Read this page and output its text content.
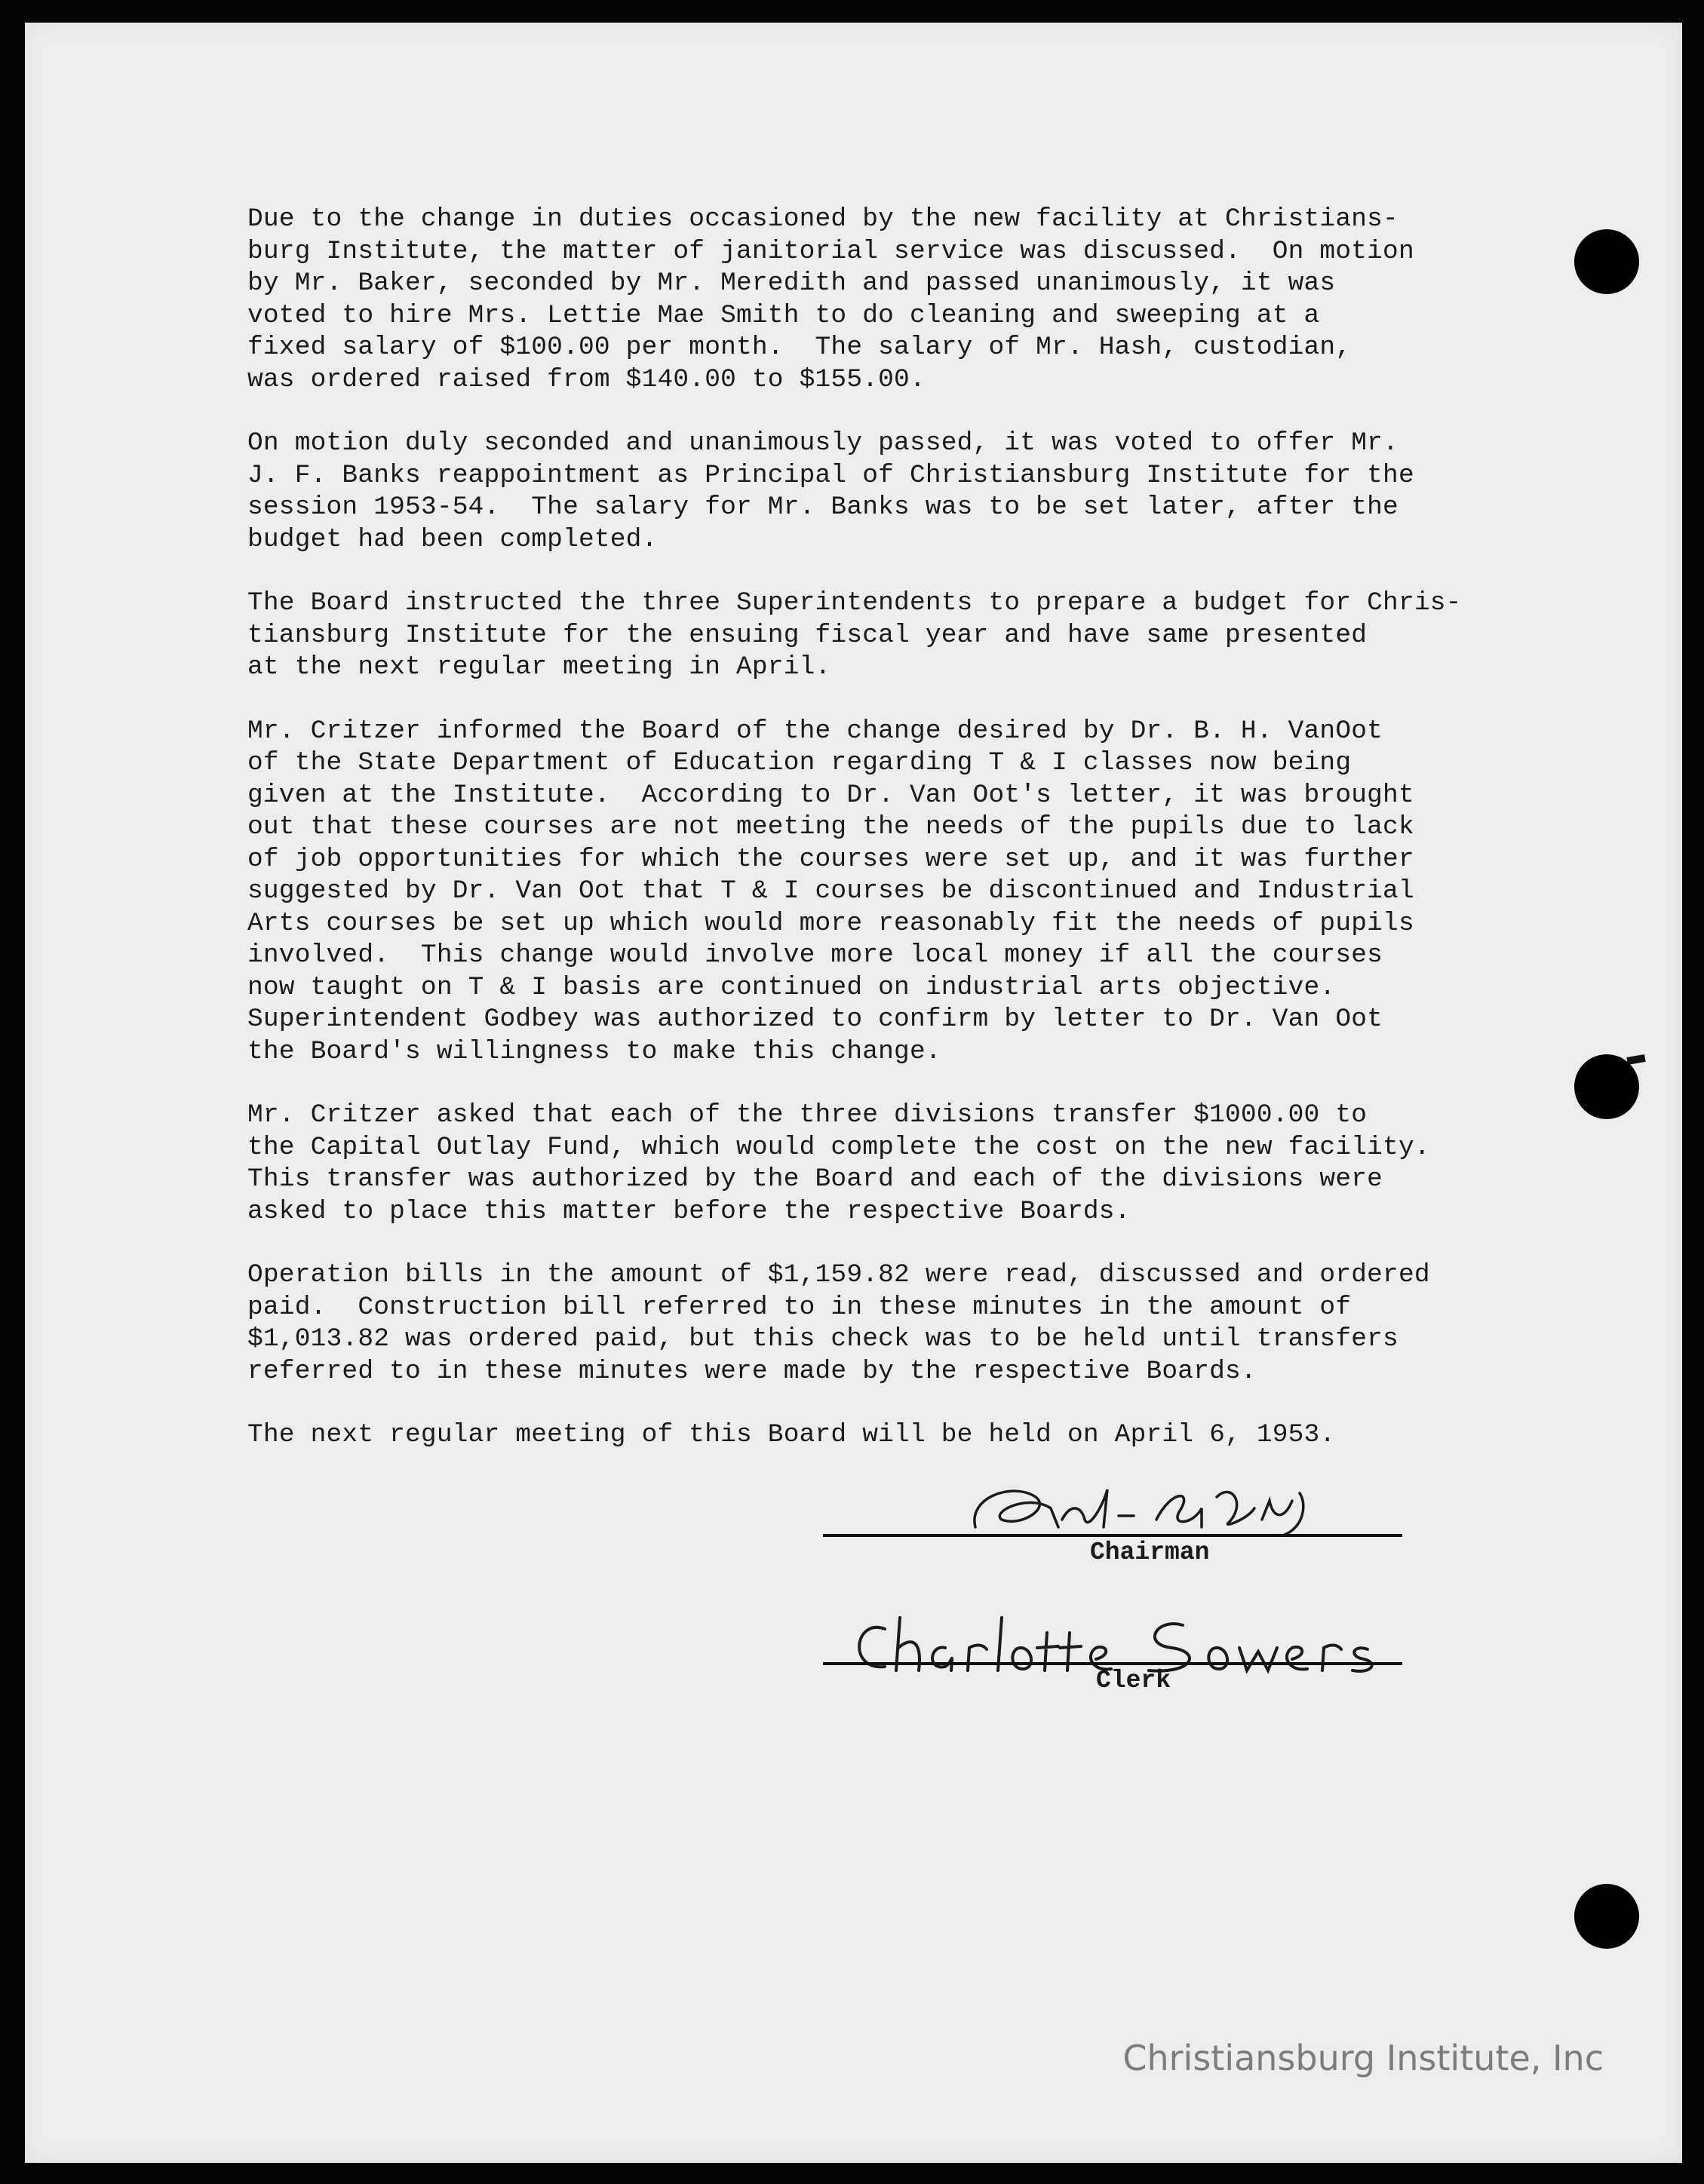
Due to the change in duties occasioned by the new facility at Christians-
burg Institute, the matter of janitorial service was discussed.  On motion
by Mr. Baker, seconded by Mr. Meredith and passed unanimously, it was
voted to hire Mrs. Lettie Mae Smith to do cleaning and sweeping at a
fixed salary of $100.00 per month.  The salary of Mr. Hash, custodian,
was ordered raised from $140.00 to $155.00.
On motion duly seconded and unanimously passed, it was voted to offer Mr.
J. F. Banks reappointment as Principal of Christiansburg Institute for the
session 1953-54.  The salary for Mr. Banks was to be set later, after the
budget had been completed.
The Board instructed the three Superintendents to prepare a budget for Chris-
tiansburg Institute for the ensuing fiscal year and have same presented
at the next regular meeting in April.
Mr. Critzer informed the Board of the change desired by Dr. B. H. VanOot
of the State Department of Education regarding T & I classes now being
given at the Institute.  According to Dr. Van Oot's letter, it was brought
out that these courses are not meeting the needs of the pupils due to lack
of job opportunities for which the courses were set up, and it was further
suggested by Dr. Van Oot that T & I courses be discontinued and Industrial
Arts courses be set up which would more reasonably fit the needs of pupils
involved.  This change would involve more local money if all the courses
now taught on T & I basis are continued on industrial arts objective.
Superintendent Godbey was authorized to confirm by letter to Dr. Van Oot
the Board's willingness to make this change.
Mr. Critzer asked that each of the three divisions transfer $1000.00 to
the Capital Outlay Fund, which would complete the cost on the new facility.
This transfer was authorized by the Board and each of the divisions were
asked to place this matter before the respective Boards.
Operation bills in the amount of $1,159.82 were read, discussed and ordered
paid.  Construction bill referred to in these minutes in the amount of
$1,013.82 was ordered paid, but this check was to be held until transfers
referred to in these minutes were made by the respective Boards.
The next regular meeting of this Board will be held on April 6, 1953.
Chairman
Clerk
Christiansburg Institute, Inc
